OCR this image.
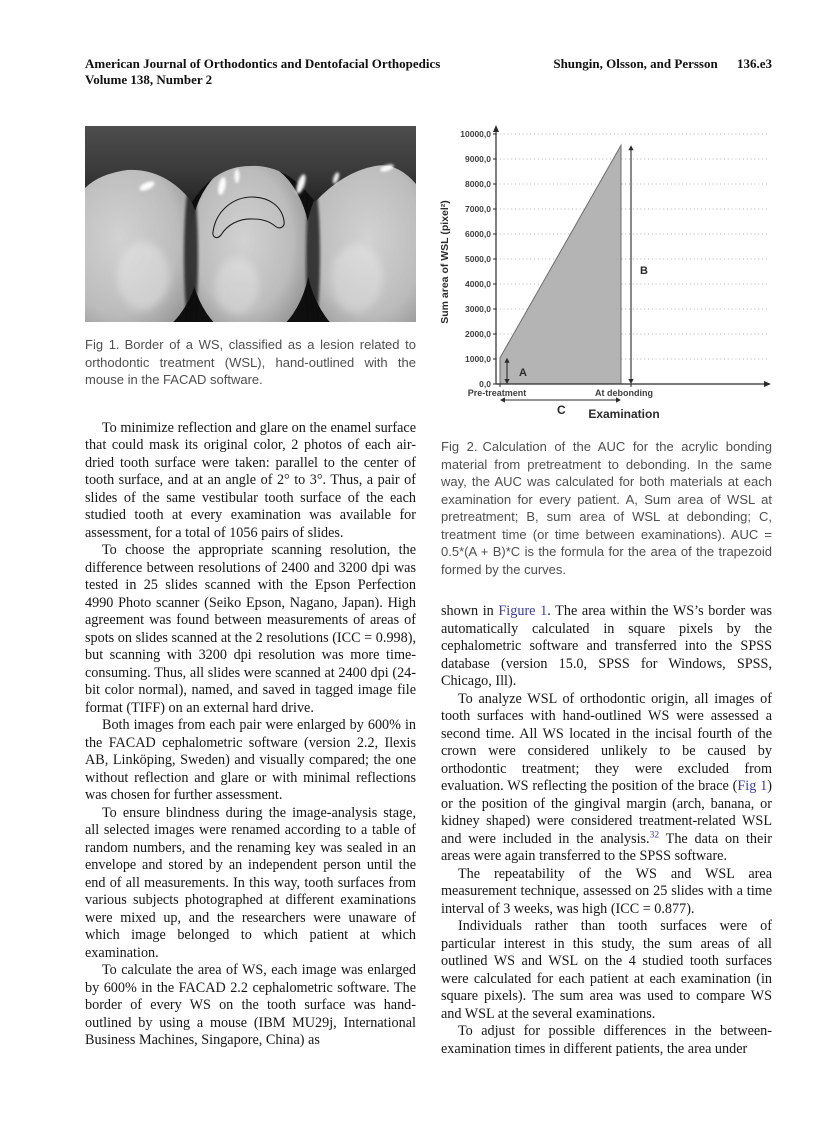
American Journal of Orthodontics and Dentofacial Orthopedics
Volume 138, Number 2
Shungin, Olsson, and Persson 136.e3
Fig 1. Border of a WS, classified as a lesion related to orthodontic treatment (WSL), hand-outlined with the mouse in the FACAD software.

To minimize reflection and glare on the enamel surface that could mask its original color, 2 photos of each air-dried tooth surface were taken: parallel to the center of tooth surface, and at an angle of 2° to 3°. Thus, a pair of slides of the same vestibular tooth surface of the each studied tooth at every examination was available for assessment, for a total of 1056 pairs of slides.

To choose the appropriate scanning resolution, the difference between resolutions of 2400 and 3200 dpi was tested in 25 slides scanned with the Epson Perfection 4990 Photo scanner (Seiko Epson, Nagano, Japan). High agreement was found between measurements of areas of spots on slides scanned at the 2 resolutions (ICC = 0.998), but scanning with 3200 dpi resolution was more time-consuming. Thus, all slides were scanned at 2400 dpi (24-bit color normal), named, and saved in tagged image file format (TIFF) on an external hard drive.

Both images from each pair were enlarged by 600% in the FACAD cephalometric software (version 2.2, Ilexis AB, Linköping, Sweden) and visually compared; the one without reflection and glare or with minimal reflections was chosen for further assessment.

To ensure blindness during the image-analysis stage, all selected images were renamed according to a table of random numbers, and the renaming key was sealed in an envelope and stored by an independent person until the end of all measurements. In this way, tooth surfaces from various subjects photographed at different examinations were mixed up, and the researchers were unaware of which image belonged to which patient at which examination.

To calculate the area of WS, each image was enlarged by 600% in the FACAD 2.2 cephalometric software. The border of every WS on the tooth surface was hand-outlined by using a mouse (IBM MU29j, International Business Machines, Singapore, China) as

0,0
1000,0
2000,0
3000,0
4000,0
5000,0
6000,0
7000,0
8000,0
9000,0
10000,0
Pre-treatment	At debonding
Sum area of WSL (pixel²)
A
B
C Examination
Fig 2. Calculation of the AUC for the acrylic bonding material from pretreatment to debonding. In the same way, the AUC was calculated for both materials at each examination for every patient. A, Sum area of WSL at pretreatment; B, sum area of WSL at debonding; C, treatment time (or time between examinations). AUC = 0.5*(A + B)*C is the formula for the area of the trapezoid formed by the curves.

shown in Figure 1. The area within the WS’s border was automatically calculated in square pixels by the cephalometric software and transferred into the SPSS database (version 15.0, SPSS for Windows, SPSS, Chicago, Ill).

To analyze WSL of orthodontic origin, all images of tooth surfaces with hand-outlined WS were assessed a second time. All WS located in the incisal fourth of the crown were considered unlikely to be caused by orthodontic treatment; they were excluded from evaluation. WS reflecting the position of the brace (Fig 1) or the position of the gingival margin (arch, banana, or kidney shaped) were considered treatment-related WSL and were included in the analysis.$^{32}$ The data on their areas were again transferred to the SPSS software.

The repeatability of the WS and WSL area measurement technique, assessed on 25 slides with a time interval of 3 weeks, was high (ICC = 0.877).

Individuals rather than tooth surfaces were of particular interest in this study, the sum areas of all outlined WS and WSL on the 4 studied tooth surfaces were calculated for each patient at each examination (in square pixels). The sum area was used to compare WS and WSL at the several examinations.

To adjust for possible differences in the between-examination times in different patients, the area under
